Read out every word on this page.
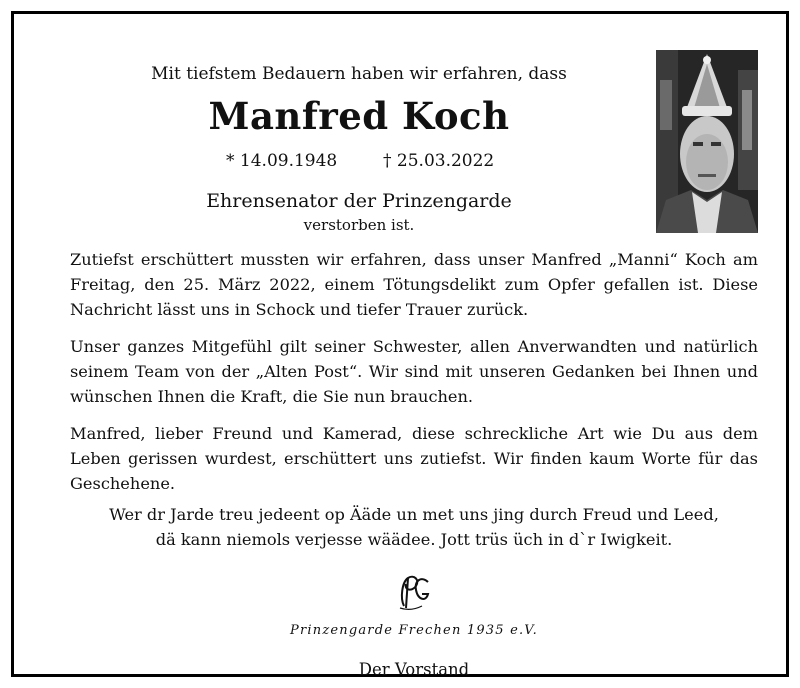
Mit tiefstem Bedauern haben wir erfahren, dass
Manfred Koch
* 14.09.1948	† 25.03.2022
Ehrensenator der Prinzengarde
verstorben ist.

Zutiefst erschüttert mussten wir erfahren, dass unser Manfred „Manni“ Koch am Freitag, den 25. März 2022, einem Tötungsdelikt zum Opfer gefallen ist. Diese Nachricht lässt uns in Schock und tiefer Trauer zurück.

Unser ganzes Mitgefühl gilt seiner Schwester, allen Anverwandten und natürlich seinem Team von der „Alten Post“. Wir sind mit unseren Gedanken bei Ihnen und wünschen Ihnen die Kraft, die Sie nun brauchen.

Manfred, lieber Freund und Kamerad, diese schreckliche Art wie Du aus dem Leben gerissen wurdest, erschüttert uns zutiefst. Wir finden kaum Worte für das Geschehene.

Wer dr Jarde treu jedeent op Ääde un met uns jing durch Freud und Leed,
dä kann niemols verjesse wäädeе. Jott trüs üch in d`r Iwigkeit.
Prinzengarde Frechen 1935 e.V.
Der Vorstand
